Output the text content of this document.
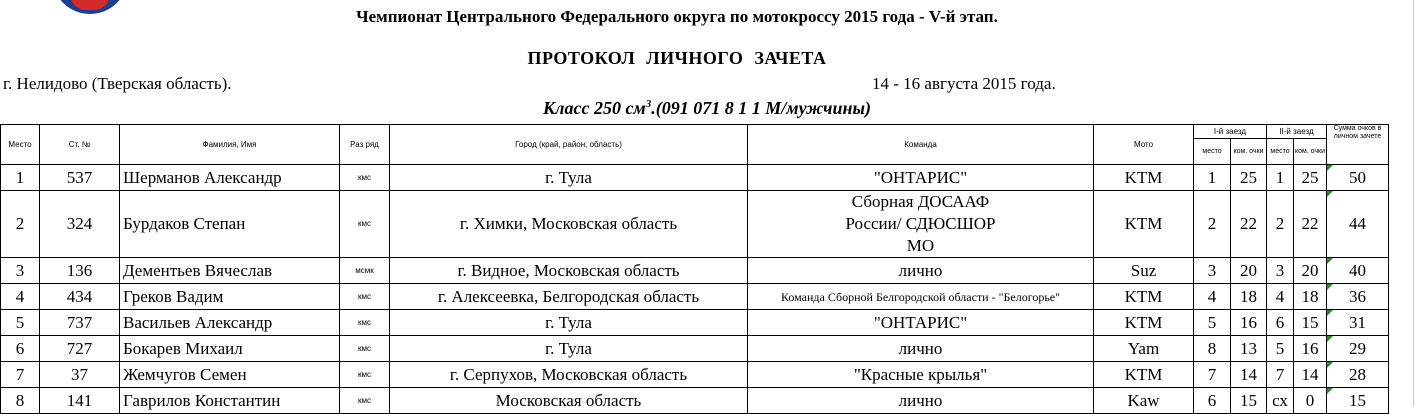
Чемпионат Центрального Федерального округа по мотокроссу 2015 года - V-й этап.
ПРОТОКОЛ ЛИЧНОГО ЗАЧЕТА
г. Нелидово (Тверская область).	14 - 16 августа 2015 года.
Класс 250 $см^3.(091$ 071 8 1 1 М/мужчины)
Место	Ст. №	Фамилия, Имя	Раз ряд	Город (край, район, область)	Команда	Мото	I-й заезд		II-й заезд		Сумма очков в личном зачете
							место	ком. очки	место	ком. очки	
1	537	Шерманов Александр	кмс	г. Тула	"ОНТАРИС"	KTM	1	25	1	25	50
2	324	Бурдаков Степан	кмс	г. Химки, Московская область	Сборная ДОСААФ России/ СДЮСШОР МО	KTM	2	22	2	22	44
3	136	Дементьев Вячеслав	мсмк	г. Видное, Московская область	лично	Suz	3	20	3	20	40
4	434	Греков Вадим	кмс	г. Алексеевка, Белгородская область	Команда Сборной Белгородской области - "Белогорье"	KTM	4	18	4	18	36
5	737	Васильев Александр	кмс	г. Тула	"ОНТАРИС"	KTM	5	16	6	15	31
6	727	Бокарев Михаил	кмс	г. Тула	лично	Yam	8	13	5	16	29
7	37	Жемчугов Семен	кмс	г. Серпухов, Московская область	"Красные крылья"	KTM	7	14	7	14	28
8	141	Гаврилов Константин	кмс	Московская область	лично	Kaw	6	15	сх	0	15
